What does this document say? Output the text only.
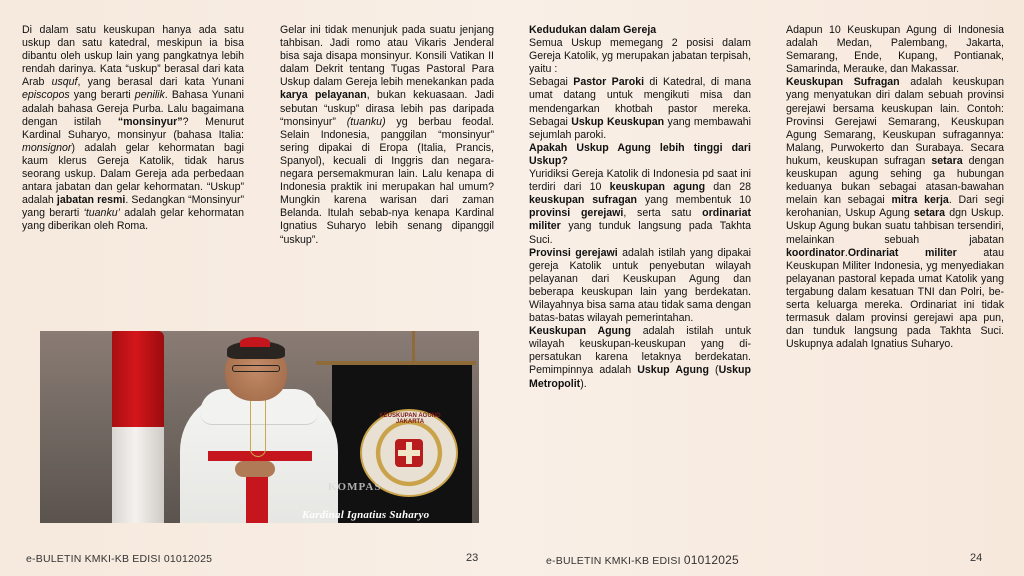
Di dalam satu keuskupan hanya ada satu uskup dan satu katedral, meskipun ia bisa dibantu oleh uskup lain yang pangkatnya lebih rendah darinya. Kata “uskup” berasal dari kata Arab usquf, yang berasal dari kata Yunani episcopos yang berarti penilik. Bahasa Yunani adalah bahasa Gereja Purba. Lalu bagaimana dengan istilah “monsinyur”? Menurut Kardinal Suharyo, monsinyur (bahasa Italia: monsignor) adalah gelar kehormatan bagi kaum klerus Gereja Katolik, tidak harus seorang uskup. Dalam Gereja ada perbedaan antara jabatan dan gelar kehormatan. “Uskup” adalah jabatan resmi. Sedangkan “Monsinyur” yang berarti ‘tuanku’ adalah gelar kehormatan yang diberikan oleh Roma.

Gelar ini tidak menunjuk pada suatu jenjang tahbisan. Jadi romo atau Vikaris Jenderal bisa saja disapa monsinyur. Konsili Vatikan II dalam Dekrit tentang Tugas Pastoral Para Uskup dalam Gereja lebih menekankan pada karya pelayanan, bukan kekuasaan. Jadi sebutan “uskup” dirasa lebih pas daripada “monsinyur” (tuanku) yg berbau feodal. Selain Indonesia, panggilan “monsinyur” sering dipakai di Eropa (Italia, Prancis, Spanyol), kecuali di Inggris dan negara-negara persemakmuran lain. Lalu kenapa di Indonesia praktik ini merupakan hal umum? Mungkin karena warisan dari zaman Belanda. Itulah sebab-nya kenapa Kardinal Ignatius Suharyo lebih senang dipanggil “uskup”.

KEUSKUPAN AGUNG JAKARTA
KOMPAS
Kardinal Ignatius Suharyo
e-BULETIN KMKI-KB EDISI 01012025	23

Kedudukan dalam Gereja

Semua Uskup memegang 2 posisi dalam Gereja Katolik, yg merupakan jabatan terpisah, yaitu :

Sebagai Pastor Paroki di Katedral, di mana umat datang untuk mengikuti misa dan mendengarkan khotbah pastor mereka. Sebagai Uskup Keuskupan yang membawahi sejumlah paroki.

Apakah Uskup Agung lebih tinggi dari Uskup?

Yuridiksi Gereja Katolik di Indonesia pd saat ini terdiri dari 10 keuskupan agung dan 28 keuskupan sufragan yang membentuk 10 provinsi gerejawi, serta satu ordinariat militer yang tunduk langsung pada Takhta Suci.

Provinsi gerejawi adalah istilah yang dipakai gereja Katolik untuk penyebutan wilayah pelayanan dari Keuskupan Agung dan beberapa keuskupan lain yang berdekatan. Wilayahnya bisa sama atau tidak sama dengan batas-batas wilayah pemerintahan.

Keuskupan Agung adalah istilah untuk wilayah keuskupan-keuskupan yang di-persatukan karena letaknya berdekatan. Pemimpinnya adalah Uskup Agung (Uskup Metropolit).

Adapun 10 Keuskupan Agung di Indonesia adalah Medan, Palembang, Jakarta, Semarang, Ende, Kupang, Pontianak, Samarinda, Merauke, dan Makassar.

Keuskupan Sufragan adalah keuskupan yang menyatukan diri dalam sebuah provinsi gerejawi bersama keuskupan lain. Contoh: Provinsi Gerejawi Semarang, Keuskupan Agung Semarang, Keuskupan sufragannya: Malang, Purwokerto dan Surabaya. Secara hukum, keuskupan sufragan setara dengan keuskupan agung sehing ga hubungan keduanya bukan sebagai atasan-bawahan melain kan sebagai mitra kerja. Dari segi kerohanian, Uskup Agung setara dgn Uskup. Uskup Agung bukan suatu tahbisan tersendiri, melainkan sebuah jabatan koordinator.Ordinariat militer atau Keuskupan Militer Indonesia, yg menyediakan pelayanan pastoral kepada umat Katolik yang tergabung dalam kesatuan TNI dan Polri, be-serta keluarga mereka. Ordinariat ini tidak termasuk dalam provinsi gerejawi apa pun, dan tunduk langsung pada Takhta Suci. Uskupnya adalah Ignatius Suharyo.

e-BULETIN KMKI-KB EDISI 01012025	24
